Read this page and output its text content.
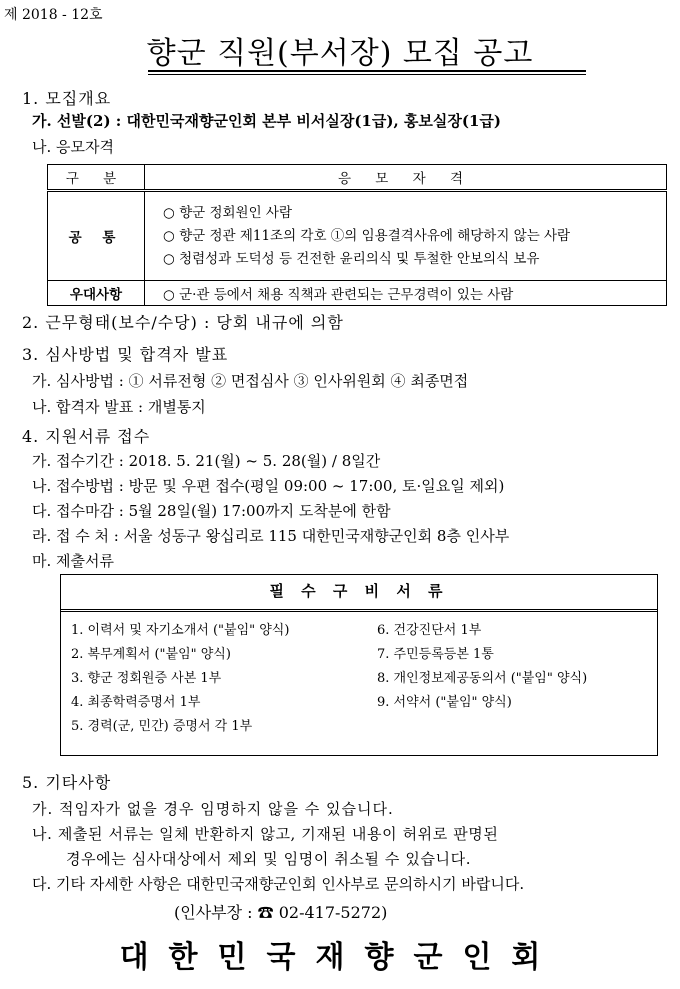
제 2018 - 12호
향군 직원(부서장) 모집 공고
1. 모집개요
가. 선발(2) : 대한민국재향군인회 본부 비서실장(1급), 홍보실장(1급)
나. 응모자격
구 분	응 모 자 격
공 통	○ 향군 정회원인 사람
○ 향군 정관 제11조의 각호 ①의 임용결격사유에 해당하지 않는 사람
○ 청렴성과 도덕성 등 건전한 윤리의식 및 투철한 안보의식 보유

우대사항	○ 군·관 등에서 채용 직책과 관련되는 근무경력이 있는 사람
2. 근무형태(보수/수당) : 당회 내규에 의함
3. 심사방법 및 합격자 발표
가. 심사방법 : ① 서류전형 ② 면접심사 ③ 인사위원회 ④ 최종면접
나. 합격자 발표 : 개별통지
4. 지원서류 접수
가. 접수기간 : 2018. 5. 21(월) ~ 5. 28(월) / 8일간
나. 접수방법 : 방문 및 우편 접수(평일 09:00 ~ 17:00, 토·일요일 제외)
다. 접수마감 : 5월 28일(월) 17:00까지 도착분에 한함
라. 접 수 처 : 서울 성동구 왕십리로 115 대한민국재향군인회 8층 인사부
마. 제출서류
필 수 구 비 서 류
1. 이력서 및 자기소개서 ("붙임" 양식)
2. 복무계획서 ("붙임" 양식)
3. 향군 정회원증 사본 1부
4. 최종학력증명서 1부
5. 경력(군, 민간) 증명서 각 1부
6. 건강진단서 1부
7. 주민등록등본 1통
8. 개인정보제공동의서 ("붙임" 양식)
9. 서약서 ("붙임" 양식)
5. 기타사항
가. 적임자가 없을 경우 임명하지 않을 수 있습니다.
나. 제출된 서류는 일체 반환하지 않고, 기재된 내용이 허위로 판명된
경우에는 심사대상에서 제외 및 임명이 취소될 수 있습니다.
다. 기타 자세한 사항은 대한민국재향군인회 인사부로 문의하시기 바랍니다.
(인사부장 : ☎ 02-417-5272)
대한민국재향군인회
